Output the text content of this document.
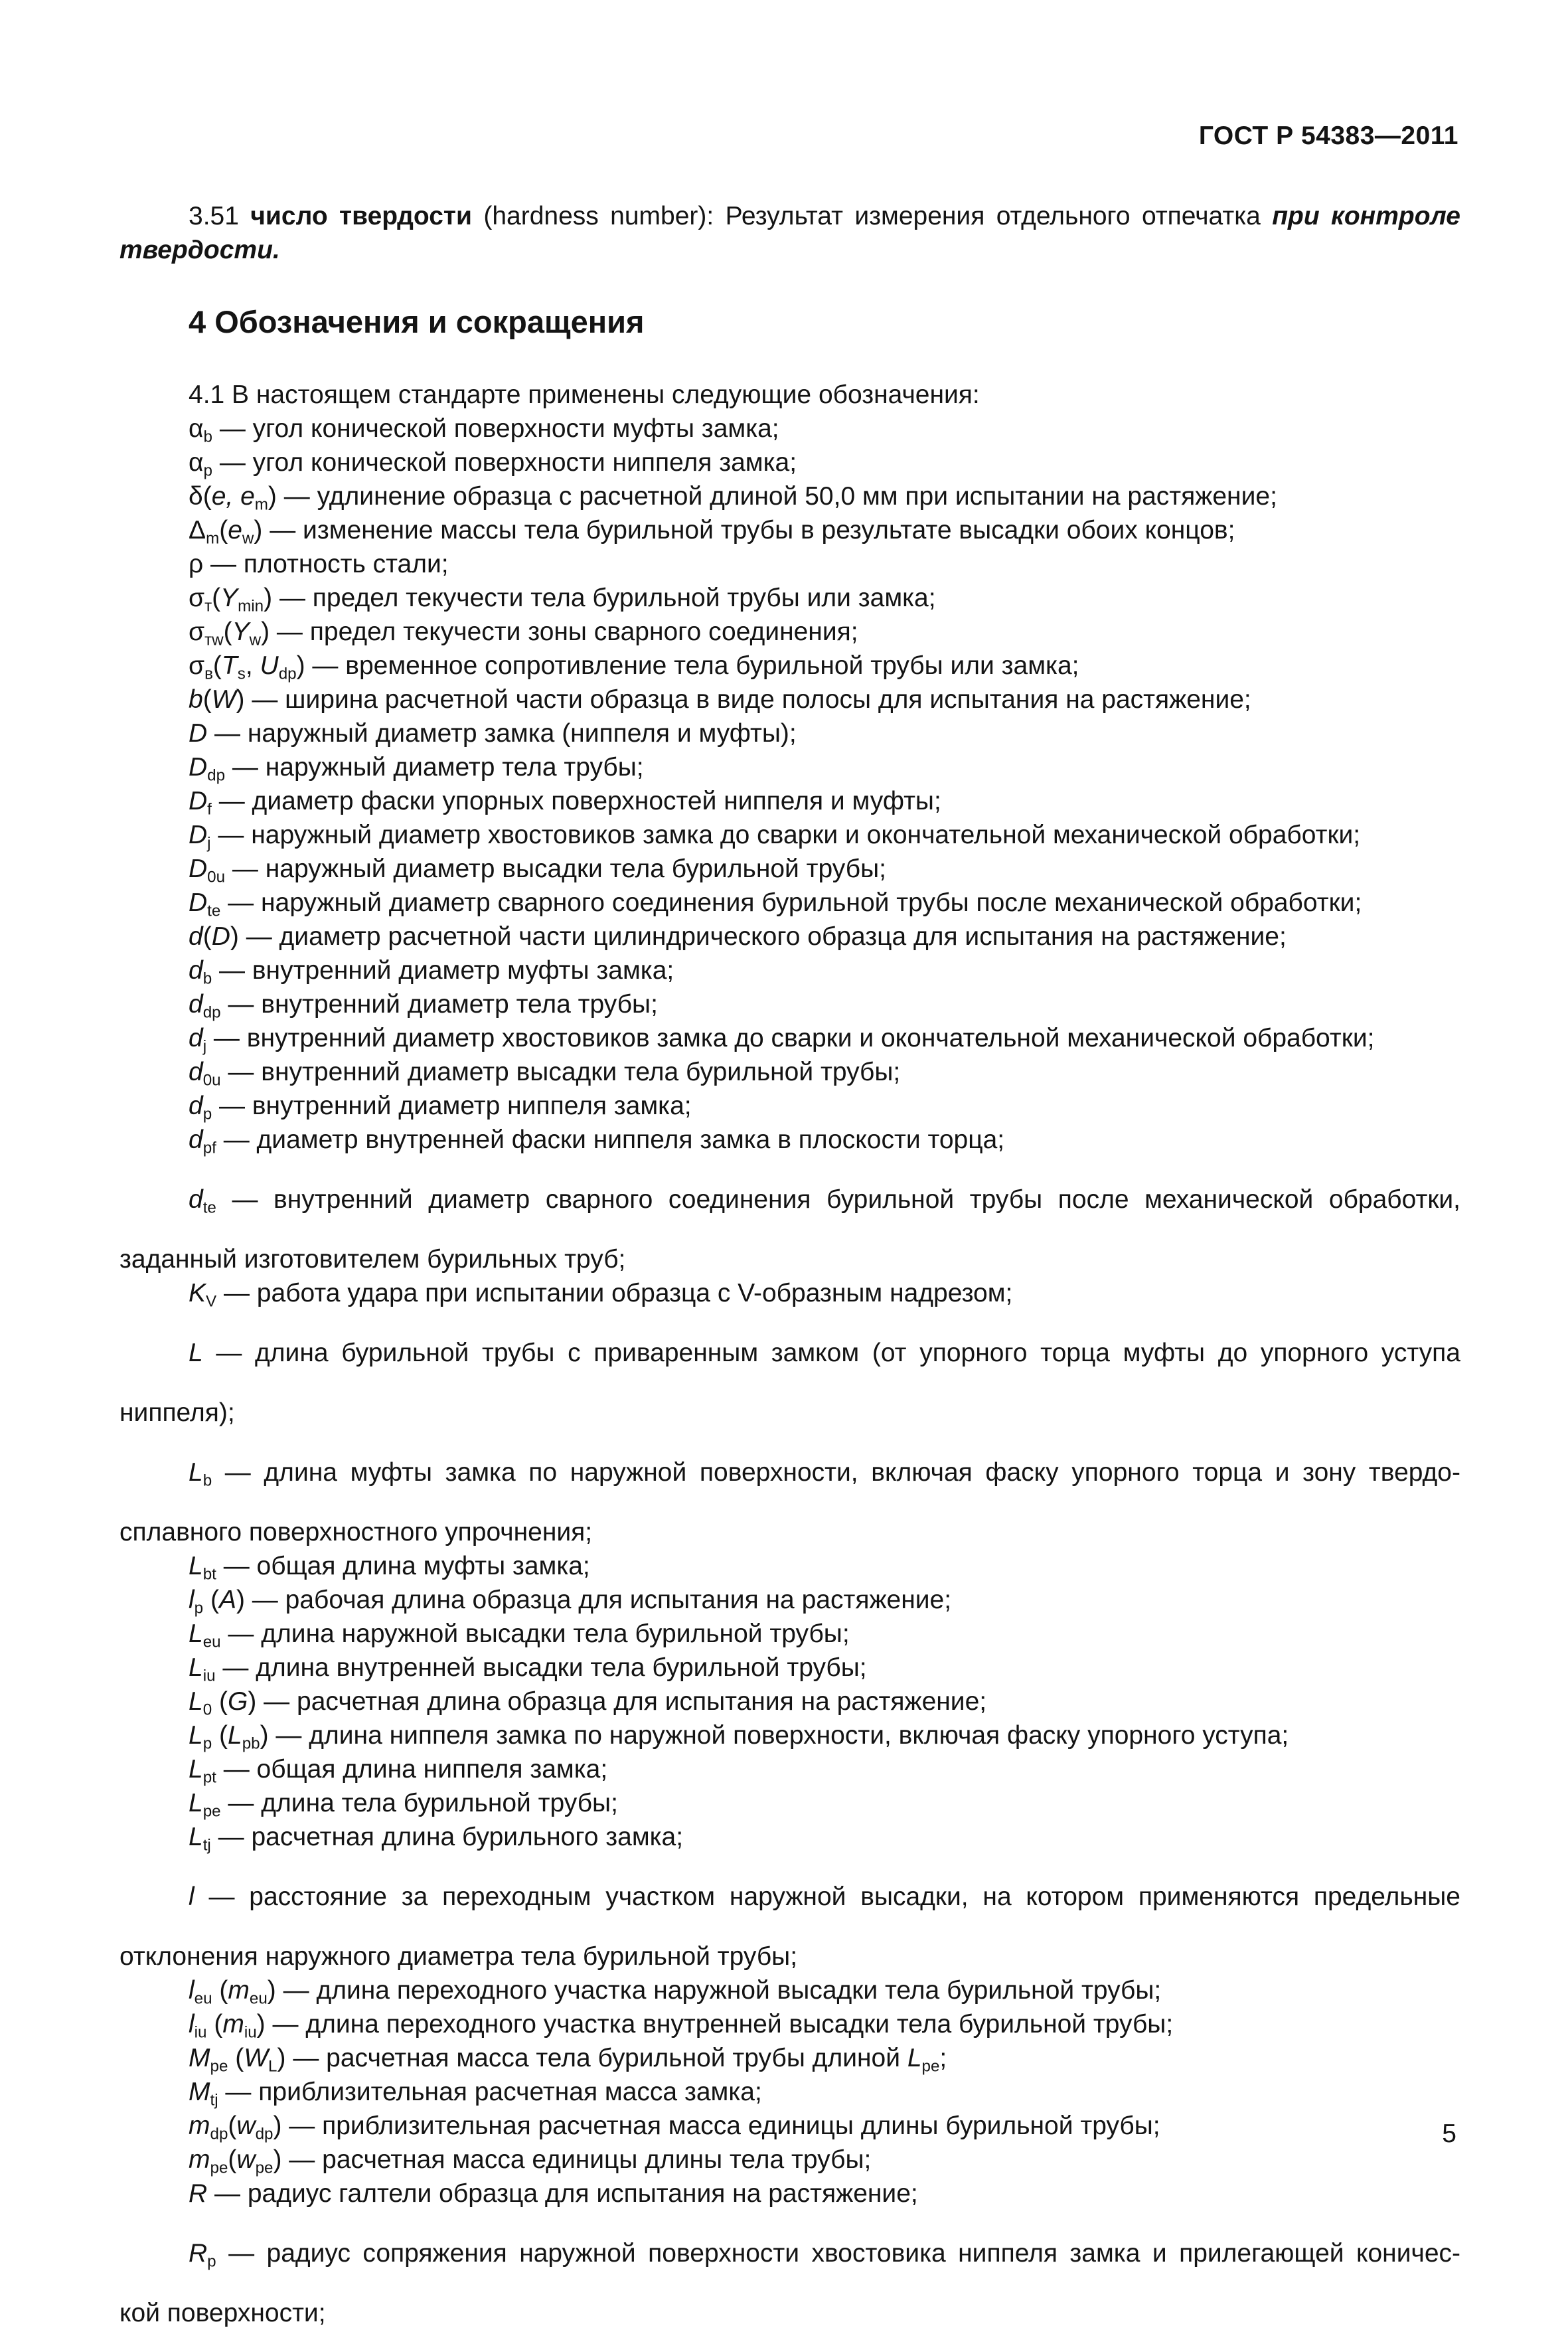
ГОСТ Р 54383—2011

3.51 число твердости (hardness number): Результат измерения отдельного отпечатка при контроле твердости.

4 Обозначения и сокращения

4.1 В настоящем стандарте применены следующие обозначения:

$\alpha_b$ — угол конической поверхности муфты замка;

$\alpha_p$ — угол конической поверхности ниппеля замка;

δ(e, $e_m$) — удлинение образца с расчетной длиной 50,0 мм при испытании на растяжение;

$\Delta_m(e_w)$ — изменение массы тела бурильной трубы в результате высадки обоих концов;

ρ — плотность стали;

$\sigma_т(Y_{min})$ — предел текучести тела бурильной трубы или замка;

$\sigma_{тw}(Y_w)$ — предел текучести зоны сварного соединения;

$\sigma_в(T_s$, $U_{dp}$) — временное сопротивление тела бурильной трубы или замка;

b(W) — ширина расчетной части образца в виде полосы для испытания на растяжение;

D — наружный диаметр замка (ниппеля и муфты);

$D_{dp}$ — наружный диаметр тела трубы;

$D_f$ — диаметр фаски упорных поверхностей ниппеля и муфты;

$D_j$ — наружный диаметр хвостовиков замка до сварки и окончательной механической обработки;

$D_{0u}$ — наружный диаметр высадки тела бурильной трубы;

$D_{te}$ — наружный диаметр сварного соединения бурильной трубы после механической обработки;

d(D) — диаметр расчетной части цилиндрического образца для испытания на растяжение;

$d_b$ — внутренний диаметр муфты замка;

$d_{dp}$ — внутренний диаметр тела трубы;

$d_j$ — внутренний диаметр хвостовиков замка до сварки и окончательной механической обработки;

$d_{0u}$ — внутренний диаметр высадки тела бурильной трубы;

$d_p$ — внутренний диаметр ниппеля замка;

$d_{pf}$ — диаметр внутренней фаски ниппеля замка в плоскости торца;

$d_{te}$ — внутренний диаметр сварного соединения бурильной трубы после механической обработки,

заданный изготовителем бурильных труб;

$K_V$ — работа удара при испытании образца с V-образным надрезом;

L — длина бурильной трубы с приваренным замком (от упорного торца муфты до упорного уступа

ниппеля);

$L_b$ — длина муфты замка по наружной поверхности, включая фаску упорного торца и зону твердо-

сплавного поверхностного упрочнения;

$L_{bt}$ — общая длина муфты замка;

$l_p$ (A) — рабочая длина образца для испытания на растяжение;

$L_{eu}$ — длина наружной высадки тела бурильной трубы;

$L_{iu}$ — длина внутренней высадки тела бурильной трубы;

$L_0$ (G) — расчетная длина образца для испытания на растяжение;

$L_p$ $(L_{pb})$ — длина ниппеля замка по наружной поверхности, включая фаску упорного уступа;

$L_{pt}$ — общая длина ниппеля замка;

$L_{pe}$ — длина тела бурильной трубы;

$L_{tj}$ — расчетная длина бурильного замка;

l — расстояние за переходным участком наружной высадки, на котором применяются предельные

отклонения наружного диаметра тела бурильной трубы;

$l_{eu}$ $(m_{eu})$ — длина переходного участка наружной высадки тела бурильной трубы;

$l_{iu}$ $(m_{iu})$ — длина переходного участка внутренней высадки тела бурильной трубы;

$M_{pe}$ $(W_L)$ — расчетная масса тела бурильной трубы длиной $L_{pe}$;

$M_{tj}$ — приблизительная расчетная масса замка;

$m_{dp}(w_{dp})$ — приблизительная расчетная масса единицы длины бурильной трубы;

$m_{pe}(w_{pe})$ — расчетная масса единицы длины тела трубы;

R — радиус галтели образца для испытания на растяжение;

$R_p$ — радиус сопряжения наружной поверхности хвостовика ниппеля замка и прилегающей коничес-

кой поверхности;

5
